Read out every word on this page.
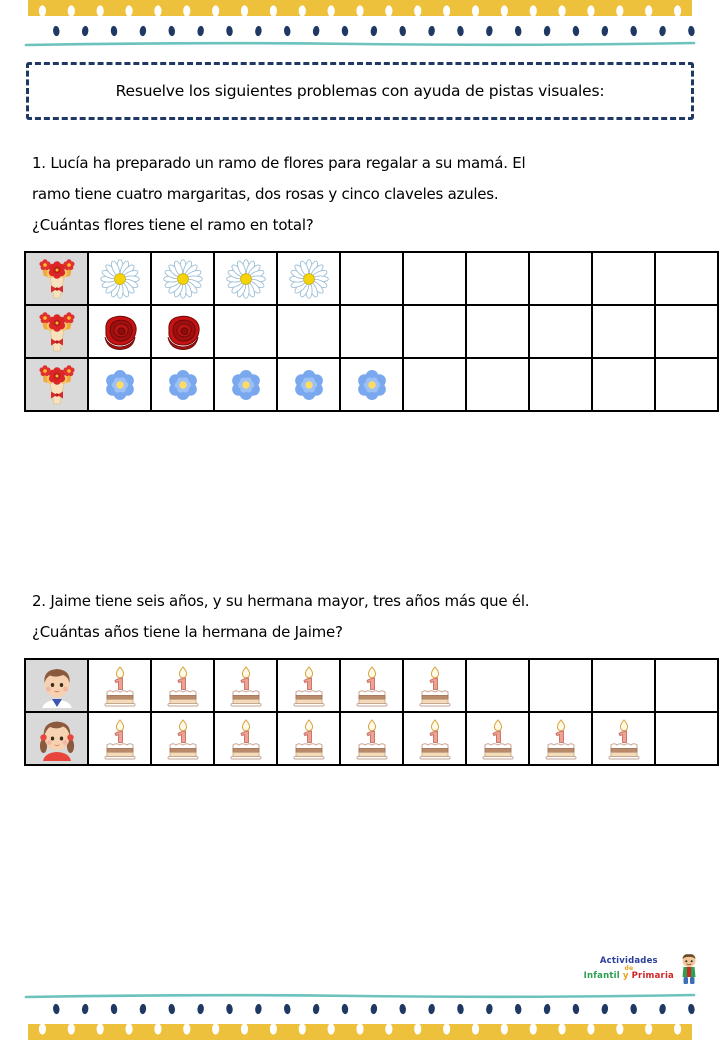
Resuelve los siguientes problemas con ayuda de pistas visuales:

1. Lucía ha preparado un ramo de flores para regalar a su mamá. El
ramo tiene cuatro margaritas, dos rosas y cinco claveles azules.
¿Cuántas flores tiene el ramo en total?

2. Jaime tiene seis años, y su hermana mayor, tres años más que él.
¿Cuántas años tiene la hermana de Jaime?

Actividades
de
Infantil y Primaria
